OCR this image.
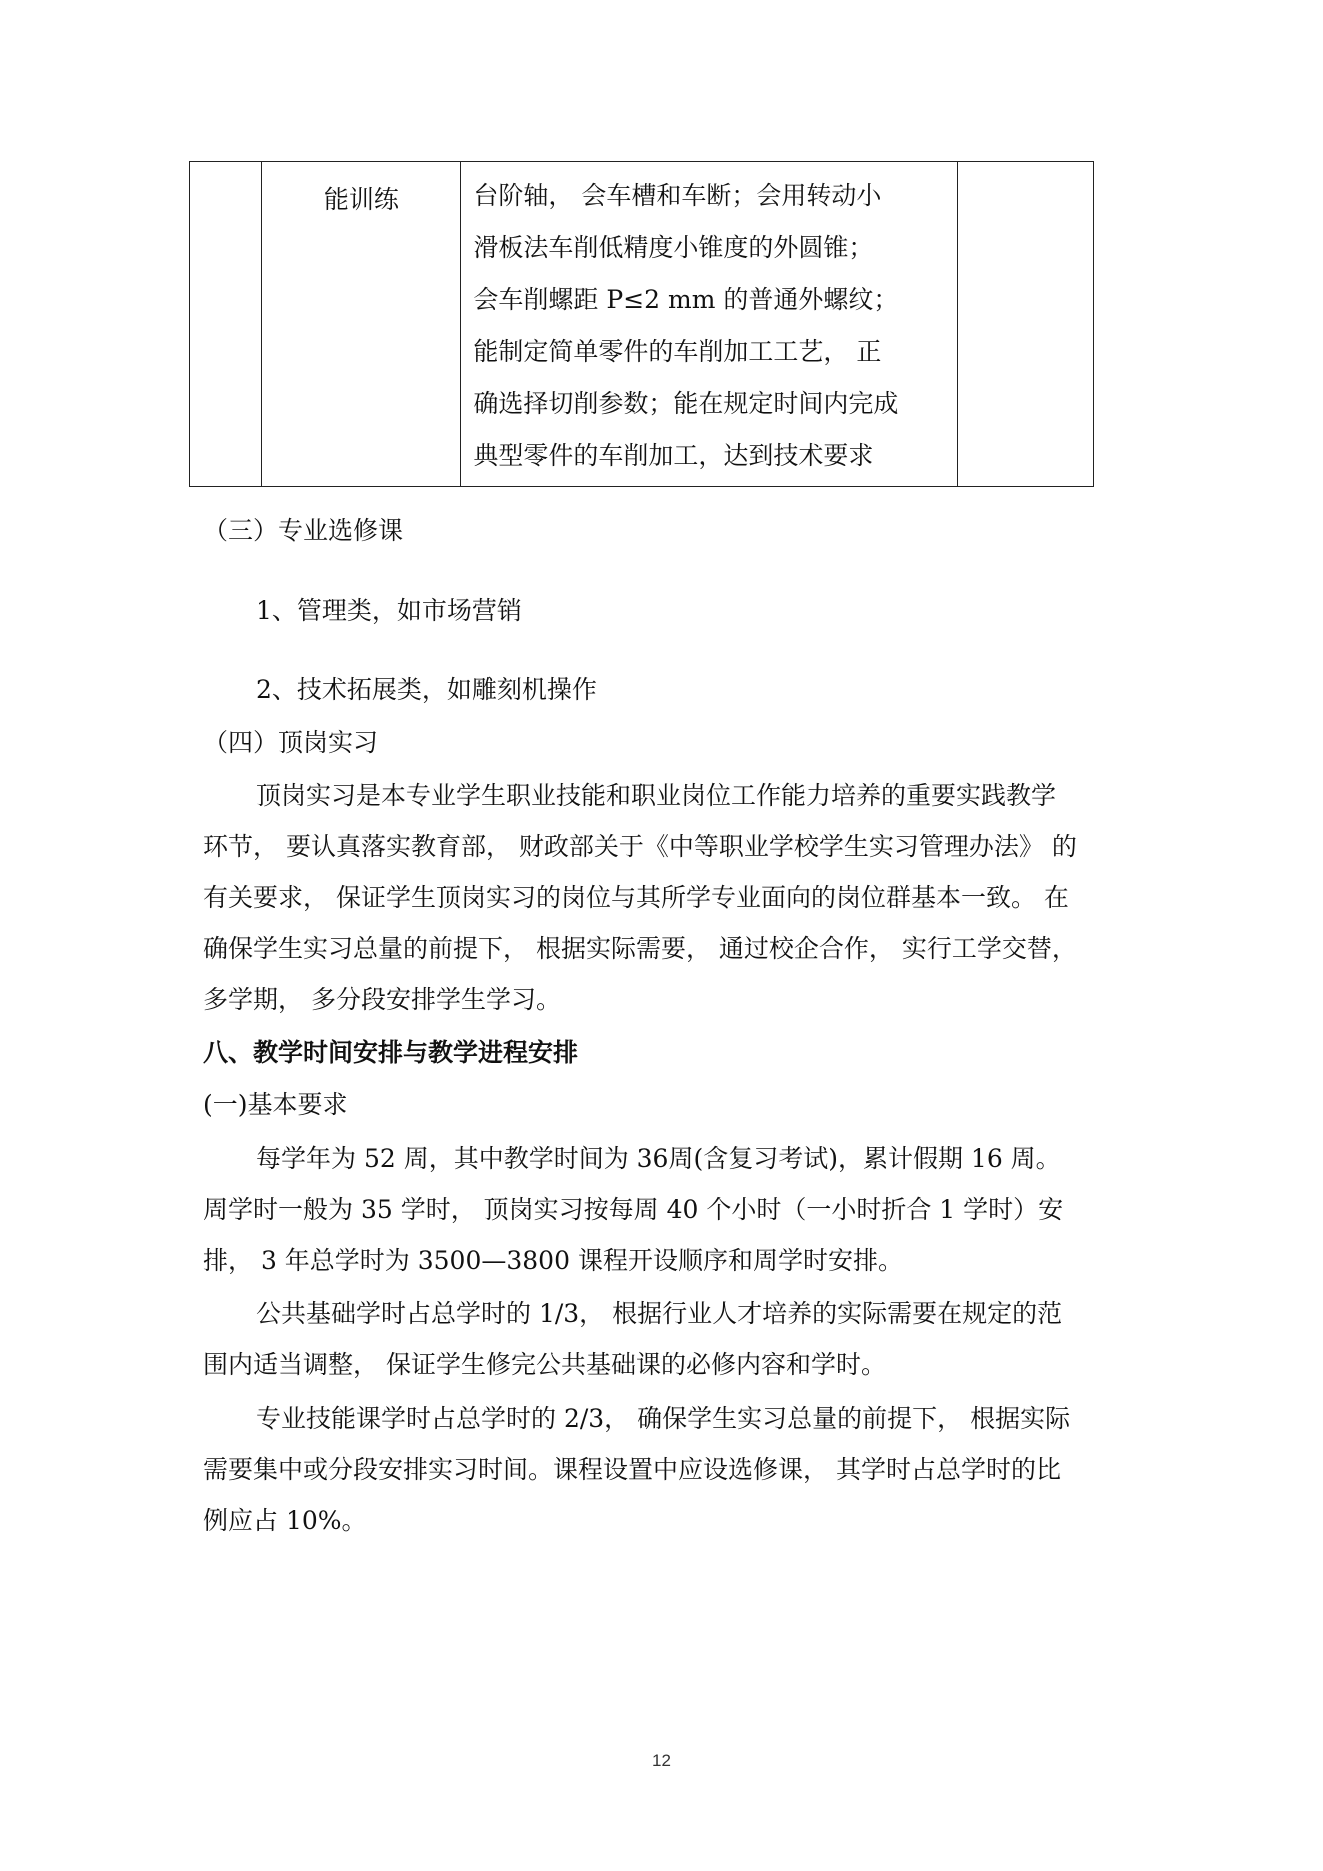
	能训练	台阶轴， 会车槽和车断；会用转动小
滑板法车削低精度小锥度的外圆锥；
会车削螺距 P≤2 mm 的普通外螺纹；
能制定简单零件的车削加工工艺， 正
确选择切削参数；能在规定时间内完成
典型零件的车削加工，达到技术要求

（三）专业选修课
1、管理类，如市场营销
2、技术拓展类，如雕刻机操作
（四）顶岗实习
顶岗实习是本专业学生职业技能和职业岗位工作能力培养的重要实践教学
环节， 要认真落实教育部， 财政部关于《中等职业学校学生实习管理办法》 的
有关要求， 保证学生顶岗实习的岗位与其所学专业面向的岗位群基本一致。 在
确保学生实习总量的前提下， 根据实际需要， 通过校企合作， 实行工学交替，
多学期， 多分段安排学生学习。
八、教学时间安排与教学进程安排
(一)基本要求
每学年为 52 周，其中教学时间为 36周(含复习考试)，累计假期 16 周。
周学时一般为 35 学时， 顶岗实习按每周 40 个小时（一小时折合 1 学时）安
排， 3 年总学时为 3500—3800 课程开设顺序和周学时安排。
公共基础学时占总学时的 1/3， 根据行业人才培养的实际需要在规定的范
围内适当调整， 保证学生修完公共基础课的必修内容和学时。
专业技能课学时占总学时的 2/3， 确保学生实习总量的前提下， 根据实际
需要集中或分段安排实习时间。课程设置中应设选修课， 其学时占总学时的比
例应占 10%。
12
